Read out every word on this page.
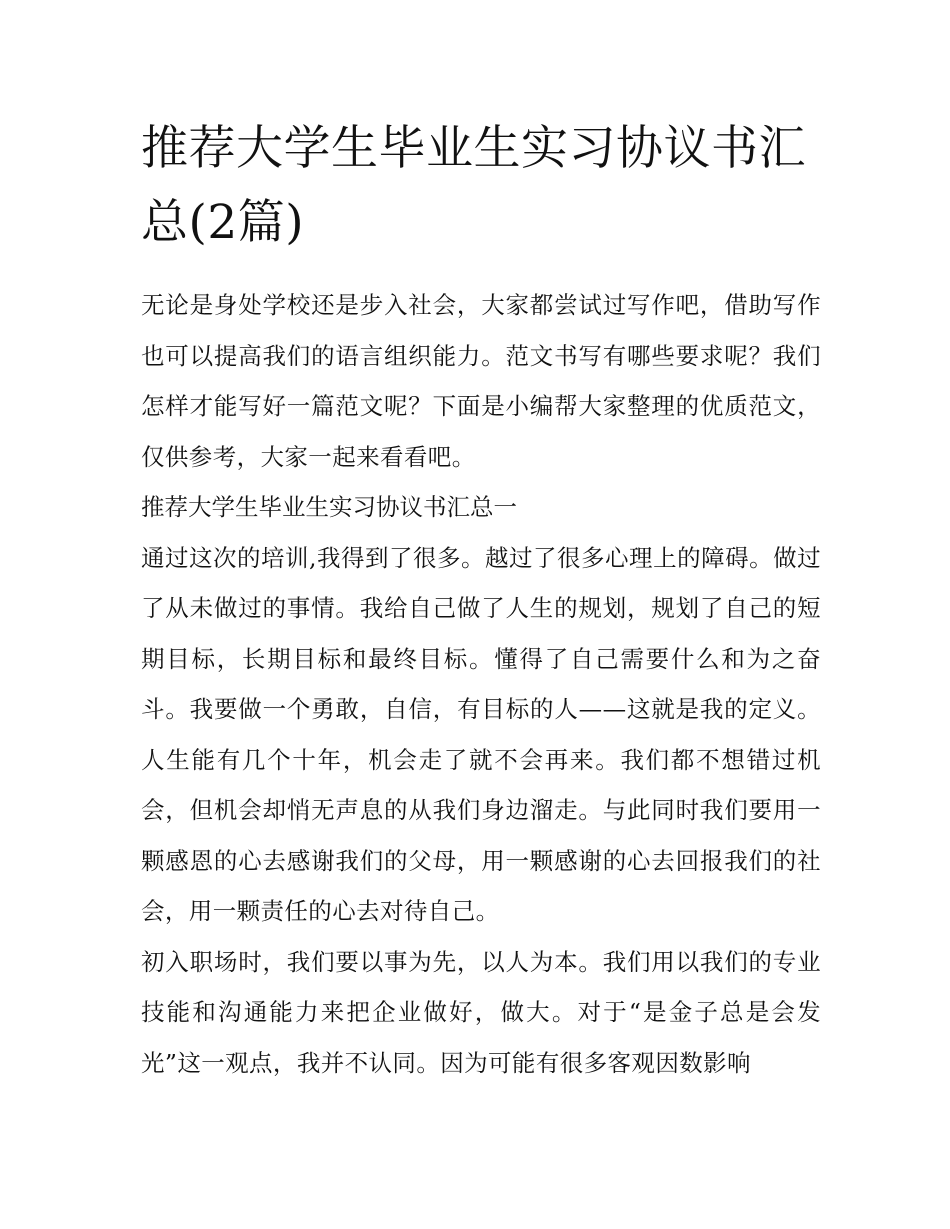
推荐大学生毕业生实习协议书汇总(2篇)

无论是身处学校还是步入社会，大家都尝试过写作吧，借助写作也可以提高我们的语言组织能力。范文书写有哪些要求呢？我们怎样才能写好一篇范文呢？下面是小编帮大家整理的优质范文，仅供参考，大家一起来看看吧。

推荐大学生毕业生实习协议书汇总一

通过这次的培训,我得到了很多。越过了很多心理上的障碍。做过了从未做过的事情。我给自己做了人生的规划，规划了自己的短期目标，长期目标和最终目标。懂得了自己需要什么和为之奋斗。我要做一个勇敢，自信，有目标的人——这就是我的定义。人生能有几个十年，机会走了就不会再来。我们都不想错过机会，但机会却悄无声息的从我们身边溜走。与此同时我们要用一颗感恩的心去感谢我们的父母，用一颗感谢的心去回报我们的社会，用一颗责任的心去对待自己。

初入职场时，我们要以事为先，以人为本。我们用以我们的专业技能和沟通能力来把企业做好，做大。对于“是金子总是会发光”这一观点，我并不认同。因为可能有很多客观因数影响
